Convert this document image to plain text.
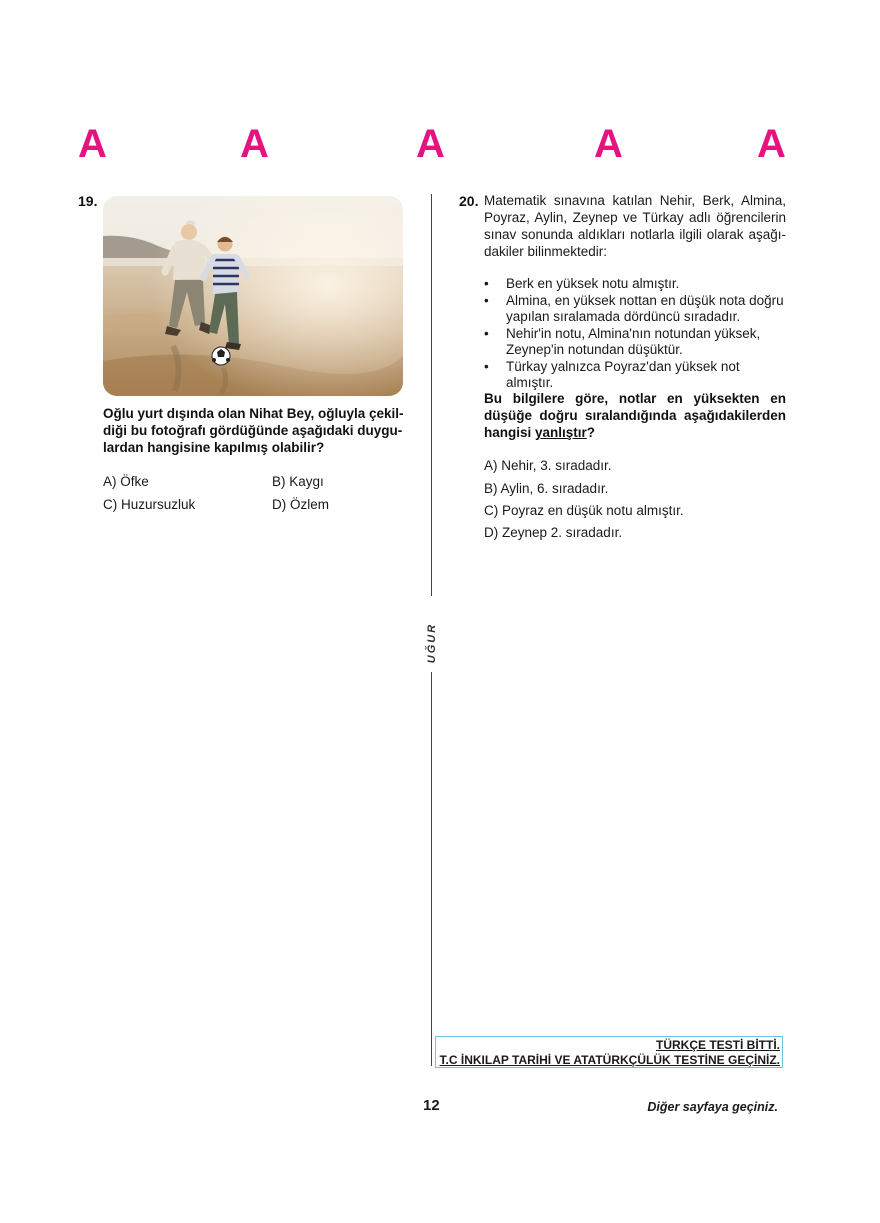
A	A	A	A	A
19.
Oğlu yurt dışında olan Nihat Bey, oğluyla çekil-
diği bu fotoğrafı gördüğünde aşağıdaki duygu-
lardan hangisine kapılmış olabilir?
A) Öfke	B) Kaygı
C) Huzursuzluk	D) Özlem
UĞUR
20. Matematik sınavına katılan Nehir, Berk, Almina, Poyraz, Aylin, Zeynep ve Türkay adlı öğrencilerin sınav sonunda aldıkları notlarla ilgili olarak aşağı-dakiler bilinmektedir:

• Berk en yüksek notu almıştır.
• Almina, en yüksek nottan en düşük nota doğru yapılan sıralamada dördüncü sıradadır.
• Nehir'in notu, Almina'nın notundan yüksek, Zeynep'in notundan düşüktür.
• Türkay yalnızca Poyraz'dan yüksek not almıştır.
Bu bilgilere göre, notlar en yüksekten en düşüğe doğru sıralandığında aşağıdakilerden hangisi yanlıştır?
A) Nehir, 3. sıradadır.
B) Aylin, 6. sıradadır.
C) Poyraz en düşük notu almıştır.
D) Zeynep 2. sıradadır.
TÜRKÇE TESTİ BİTTİ.
T.C İNKILAP TARİHİ VE ATATÜRKÇÜLÜK TESTİNE GEÇİNİZ.
12	Diğer sayfaya geçiniz.
